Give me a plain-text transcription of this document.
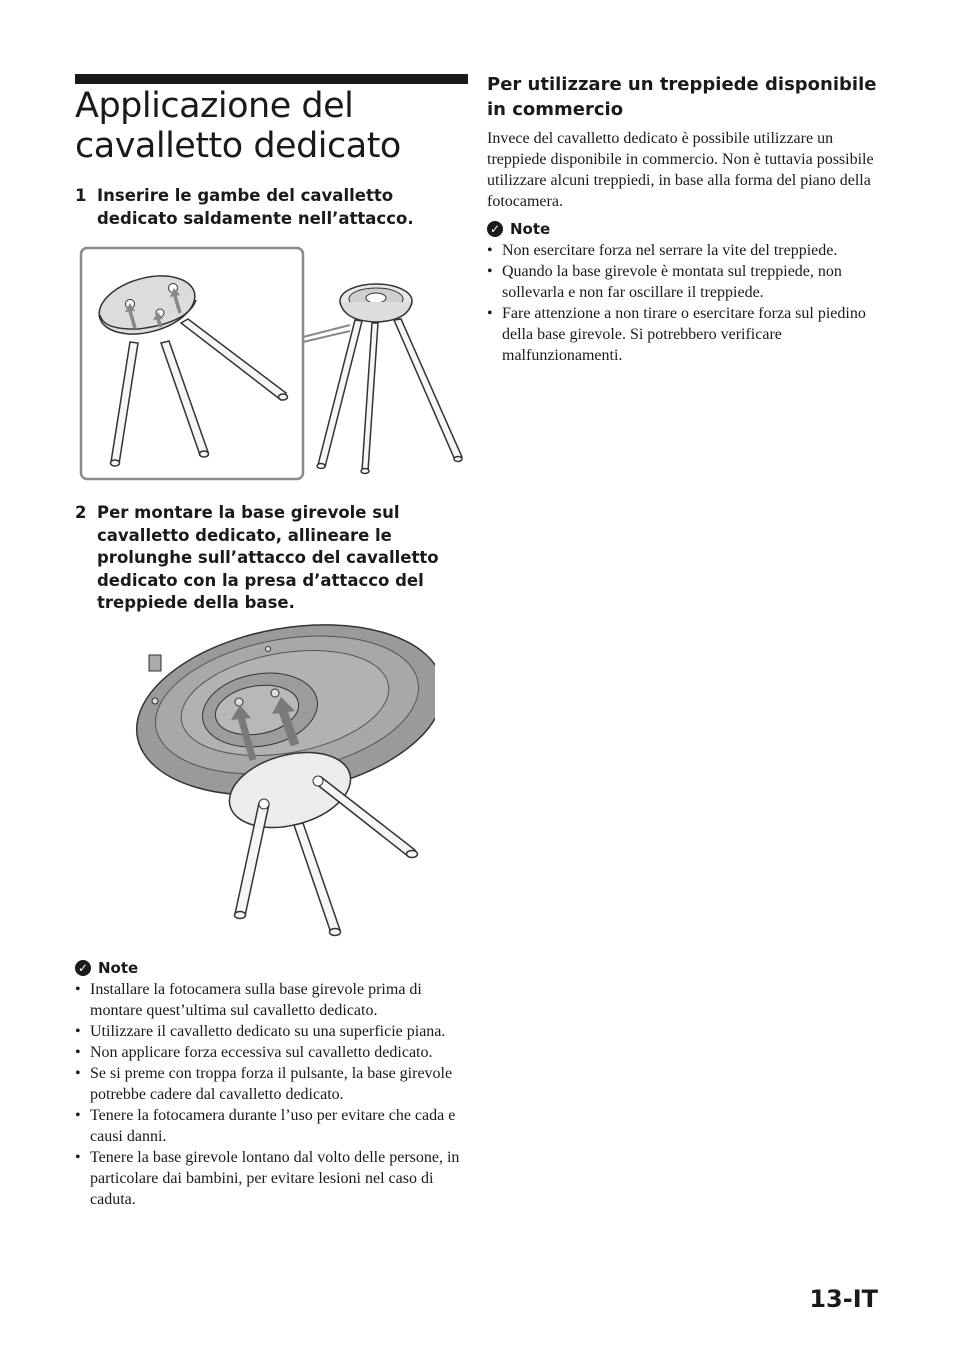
Applicazione del cavalletto dedicato
1 Inserire le gambe del cavalletto dedicato saldamente nell’attacco.
2 Per montare la base girevole sul cavalletto dedicato, allineare le prolunghe sull’attacco del cavalletto dedicato con la presa d’attacco del treppiede della base.
✓ Note
• Installare la fotocamera sulla base girevole prima di montare quest’ultima sul cavalletto dedicato.
• Utilizzare il cavalletto dedicato su una superficie piana.
• Non applicare forza eccessiva sul cavalletto dedicato.
• Se si preme con troppa forza il pulsante, la base girevole potrebbe cadere dal cavalletto dedicato.
• Tenere la fotocamera durante l’uso per evitare che cada e causi danni.
• Tenere la base girevole lontano dal volto delle persone, in particolare dai bambini, per evitare lesioni nel caso di caduta.
Per utilizzare un treppiede disponibile in commercio

Invece del cavalletto dedicato è possibile utilizzare un treppiede disponibile in commercio. Non è tuttavia possibile utilizzare alcuni treppiedi, in base alla forma del piano della fotocamera.

✓ Note
• Non esercitare forza nel serrare la vite del treppiede.
• Quando la base girevole è montata sul treppiede, non sollevarla e non far oscillare il treppiede.
• Fare attenzione a non tirare o esercitare forza sul piedino della base girevole. Si potrebbero verificare malfunzionamenti.
13-IT
